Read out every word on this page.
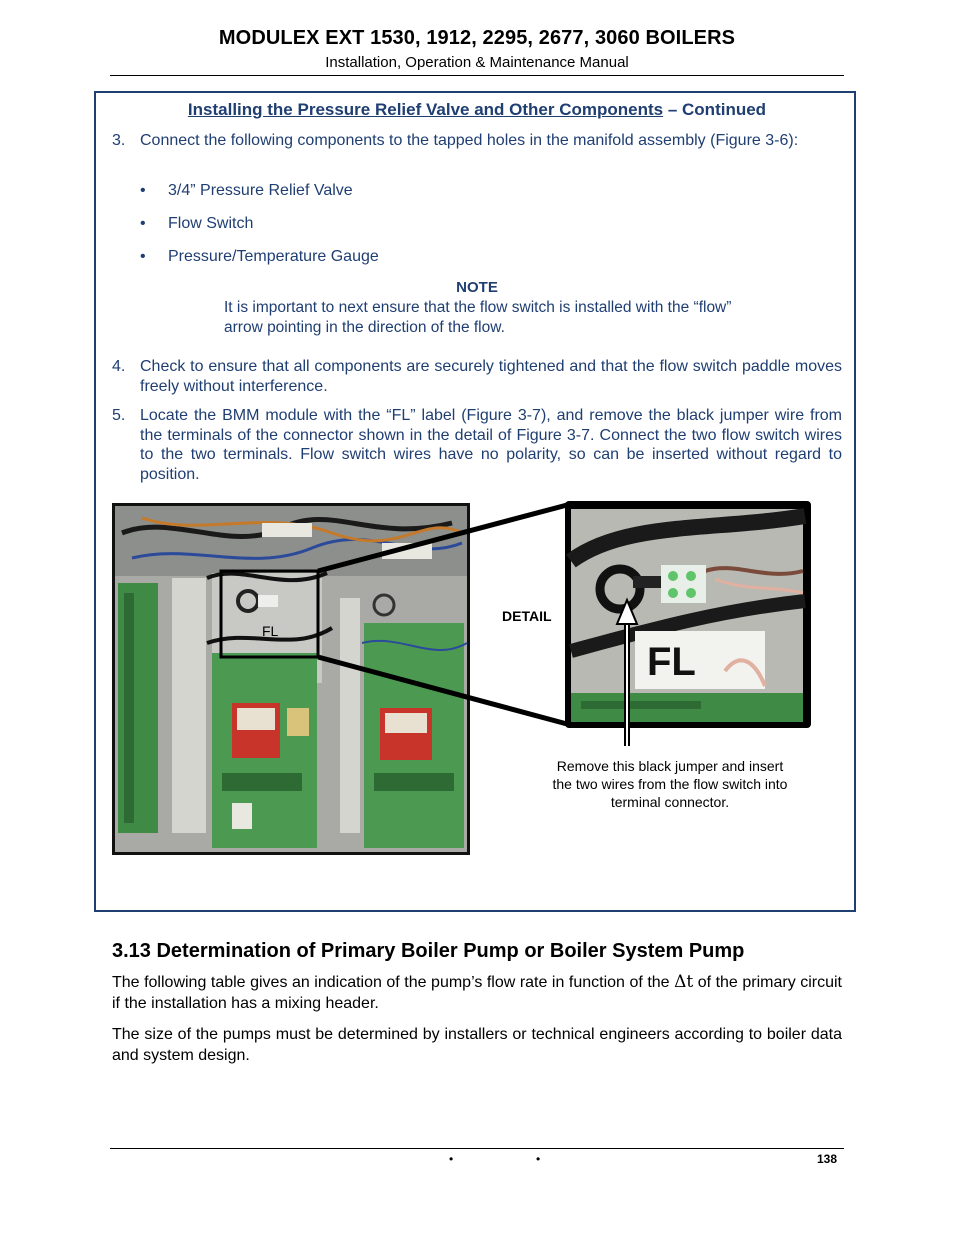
MODULEX EXT 1530, 1912, 2295, 2677, 3060 BOILERS
Installation, Operation & Maintenance Manual
Installing the Pressure Relief Valve and Other Components – Continued
3. Connect the following components to the tapped holes in the manifold assembly (Figure 3-6):
• 3/4” Pressure Relief Valve
• Flow Switch
• Pressure/Temperature Gauge
NOTE
It is important to next ensure that the flow switch is installed with the “flow” arrow pointing in the direction of the flow.
4. Check to ensure that all components are securely tightened and that the flow switch paddle moves freely without interference.
5. Locate the BMM module with the “FL” label (Figure 3-7), and remove the black jumper wire from the terminals of the connector shown in the detail of Figure 3-7. Connect the two flow switch wires to the two terminals. Flow switch wires have no polarity, so can be inserted without regard to position.
FL
FL
DETAIL
Remove this black jumper and insert the two wires from the flow switch into terminal connector.
3.13 Determination of Primary Boiler Pump or Boiler System Pump
The following table gives an indication of the pump’s flow rate in function of the Δt of the primary circuit if the installation has a mixing header.
The size of the pumps must be determined by installers or technical engineers according to boiler data and system design.
•	•	138
